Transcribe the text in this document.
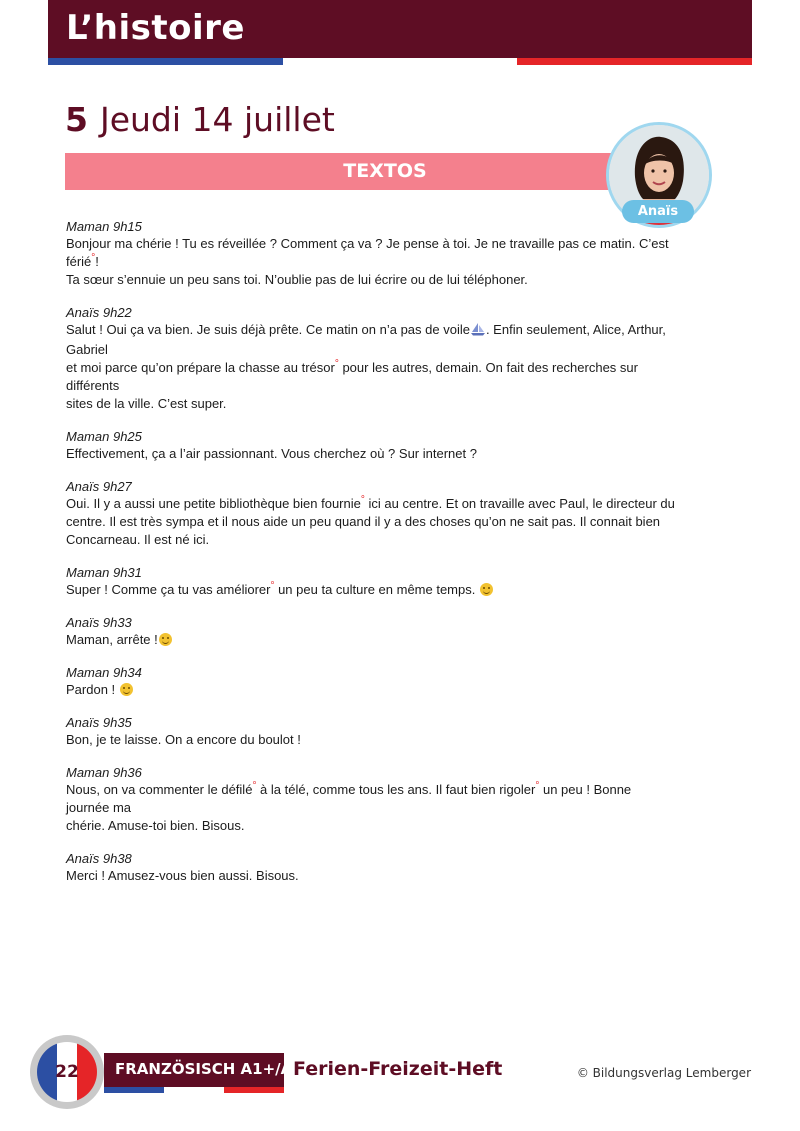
L’histoire
5 Jeudi 14 juillet
TEXTOS
Anaïs
Maman 9h15
Bonjour ma chérie ! Tu es réveillée ? Comment ça va ? Je pense à toi. Je ne travaille pas ce matin. C’est férié°!
Ta sœur s’ennuie un peu sans toi. N’oublie pas de lui écrire ou de lui téléphoner.
Anaïs 9h22
Salut ! Oui ça va bien. Je suis déjà prête. Ce matin on n’a pas de voile . Enfin seulement, Alice, Arthur, Gabriel
et moi parce qu’on prépare la chasse au trésor° pour les autres, demain. On fait des recherches sur différents
sites de la ville. C’est super.
Maman 9h25
Effectivement, ça a l’air passionnant. Vous cherchez où ? Sur internet ?
Anaïs 9h27
Oui. Il y a aussi une petite bibliothèque bien fournie° ici au centre. Et on travaille avec Paul, le directeur du
centre. Il est très sympa et il nous aide un peu quand il y a des choses qu’on ne sait pas. Il connait bien
Concarneau. Il est né ici.
Maman 9h31
Super ! Comme ça tu vas améliorer° un peu ta culture en même temps.
Anaïs 9h33
Maman, arrête !
Maman 9h34
Pardon !
Anaïs 9h35
Bon, je te laisse. On a encore du boulot !
Maman 9h36
Nous, on va commenter le défilé° à la télé, comme tous les ans. Il faut bien rigoler° un peu ! Bonne journée ma
chérie. Amuse-toi bien. Bisous.
Anaïs 9h38
Merci ! Amusez-vous bien aussi. Bisous.
22	FRANZÖSISCH A1+/A2
Ferien-Freizeit-Heft	© Bildungsverlag Lemberger
